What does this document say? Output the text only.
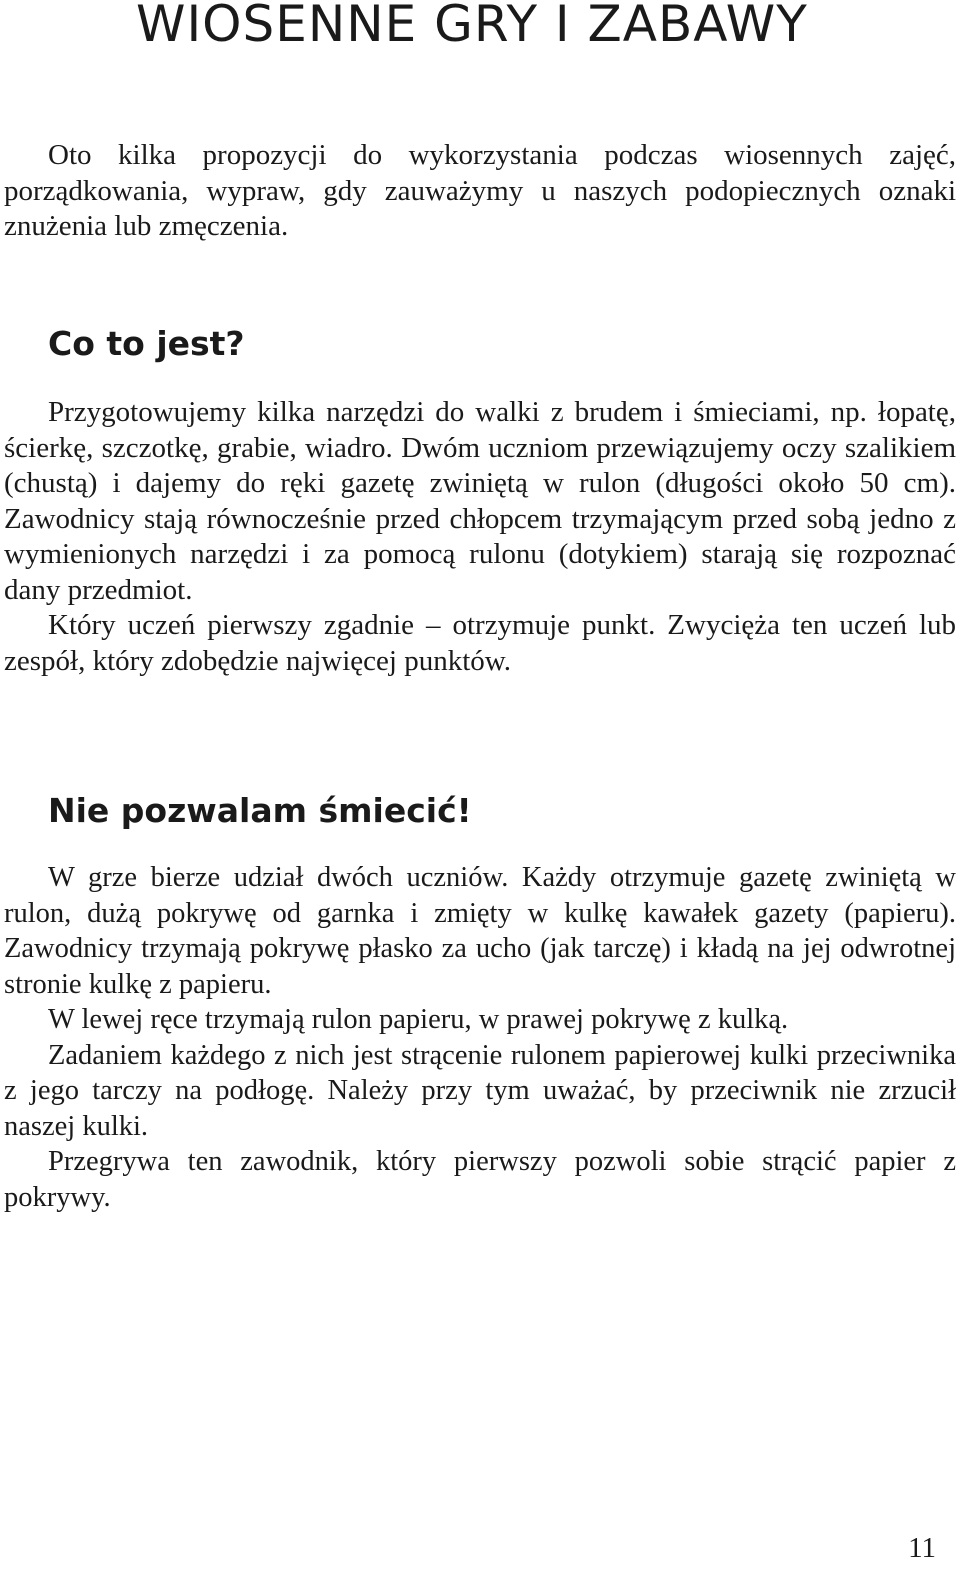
WIOSENNE GRY I ZABAWY

Oto kilka propozycji do wykorzystania podczas wiosennych zajęć, porządkowania, wypraw, gdy zauważymy u naszych podopiecznych oznaki znużenia lub zmęczenia.

Co to jest?

Przygotowujemy kilka narzędzi do walki z brudem i śmieciami, np. łopatę, ścierkę, szczotkę, grabie, wiadro. Dwóm uczniom przewiązujemy oczy szalikiem (chustą) i dajemy do ręki gazetę zwiniętą w rulon (długości około 50 cm). Zawodnicy stają równocześnie przed chłopcem trzymającym przed sobą jedno z wymienionych narzędzi i za pomocą rulonu (dotykiem) starają się rozpoznać dany przedmiot.

Który uczeń pierwszy zgadnie – otrzymuje punkt. Zwycięża ten uczeń lub zespół, który zdobędzie najwięcej punktów.

Nie pozwalam śmiecić!

W grze bierze udział dwóch uczniów. Każdy otrzymuje gazetę zwiniętą w rulon, dużą pokrywę od garnka i zmięty w kulkę kawałek gazety (papieru). Zawodnicy trzymają pokrywę płasko za ucho (jak tarczę) i kładą na jej odwrotnej stronie kulkę z papieru.

W lewej ręce trzymają rulon papieru, w prawej pokrywę z kulką.

Zadaniem każdego z nich jest strącenie rulonem papierowej kulki przeciwnika z jego tarczy na podłogę. Należy przy tym uważać, by przeciwnik nie zrzucił naszej kulki.

Przegrywa ten zawodnik, który pierwszy pozwoli sobie strącić papier z pokrywy.

11
